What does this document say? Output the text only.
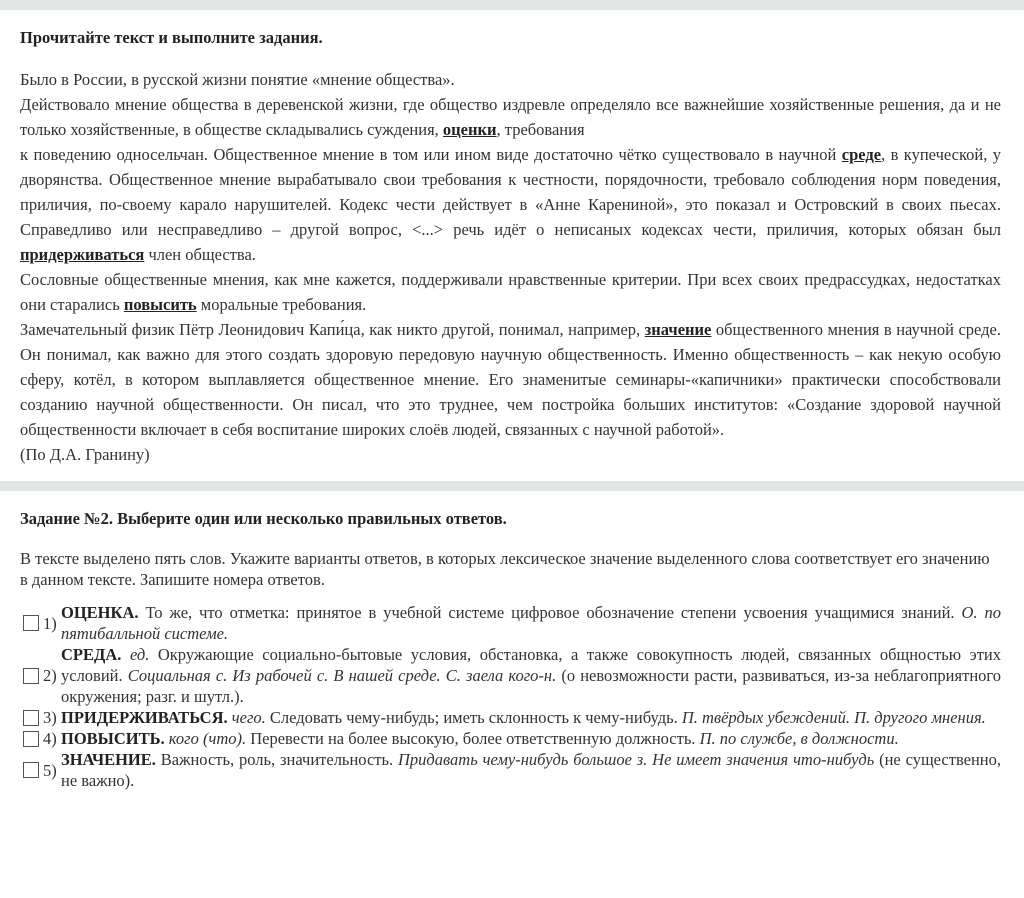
Прочитайте текст и выполните задания.

Было в России, в русской жизни понятие «мнение общества».

Действовало мнение общества в деревенской жизни, где общество издревле определяло все важнейшие хозяйственные решения, да и не только хозяйственные, в обществе складывались суждения, оценки, требования

к поведению односельчан. Общественное мнение в том или ином виде достаточно чётко существовало в научной среде, в купеческой, у дворянства. Общественное мнение вырабатывало свои требования к честности, порядочности, требовало соблюдения норм поведения, приличия, по-своему карало нарушителей. Кодекс чести действует в «Анне Карениной», это показал и Островский в своих пьесах. Справедливо или несправедливо – другой вопрос, <...> речь идёт о неписаных кодексах чести, приличия, которых обязан был придерживаться член общества.

Сословные общественные мнения, как мне кажется, поддерживали нравственные критерии. При всех своих предрассудках, недостатках они старались повысить моральные требования.

Замечательный физик Пётр Леонидович Капи́ца, как никто другой, понимал, например, значение общественного мнения в научной среде. Он понимал, как важно для этого создать здоровую передовую научную общественность. Именно общественность – как некую особую сферу, котёл, в котором выплавляется общественное мнение. Его знаменитые семинары-«капичники» практически способствовали созданию научной общественности. Он писал, что это труднее, чем постройка больших институтов: «Создание здоровой научной общественности включает в себя воспитание широких слоёв людей, связанных с научной работой».

(По Д.А. Гранину)

Задание №2. Выберите один или несколько правильных ответов.

В тексте выделено пять слов. Укажите варианты ответов, в которых лексическое значение выделенного слова соответствует его значению

в данном тексте. Запишите номера ответов.

1)
ОЦЕНКА. То же, что отметка: принятое в учебной системе цифровое обозначение степени усвоения учащимися знаний. О. по пятибалльной системе.
2)
СРЕДА. ед. Окружающие социально-бытовые условия, обстановка, а также совокупность людей, связанных общностью этих условий. Социальная с. Из рабочей с. В нашей среде. С. заела кого-н. (о невозможности расти, развиваться, из-за неблагоприятного окружения; разг. и шутл.).
3) ПРИДЕРЖИВАТЬСЯ. чего. Следовать чему-нибудь; иметь склонность к чему-нибудь. П. твёрдых убеждений. П. другого мнения.
4) ПОВЫСИТЬ. кого (что). Перевести на более высокую, более ответственную должность. П. по службе, в должности.
5)
ЗНАЧЕНИЕ. Важность, роль, значительность. Придавать чему-нибудь большое з. Не имеет значения что-нибудь (не существенно, не важно).
